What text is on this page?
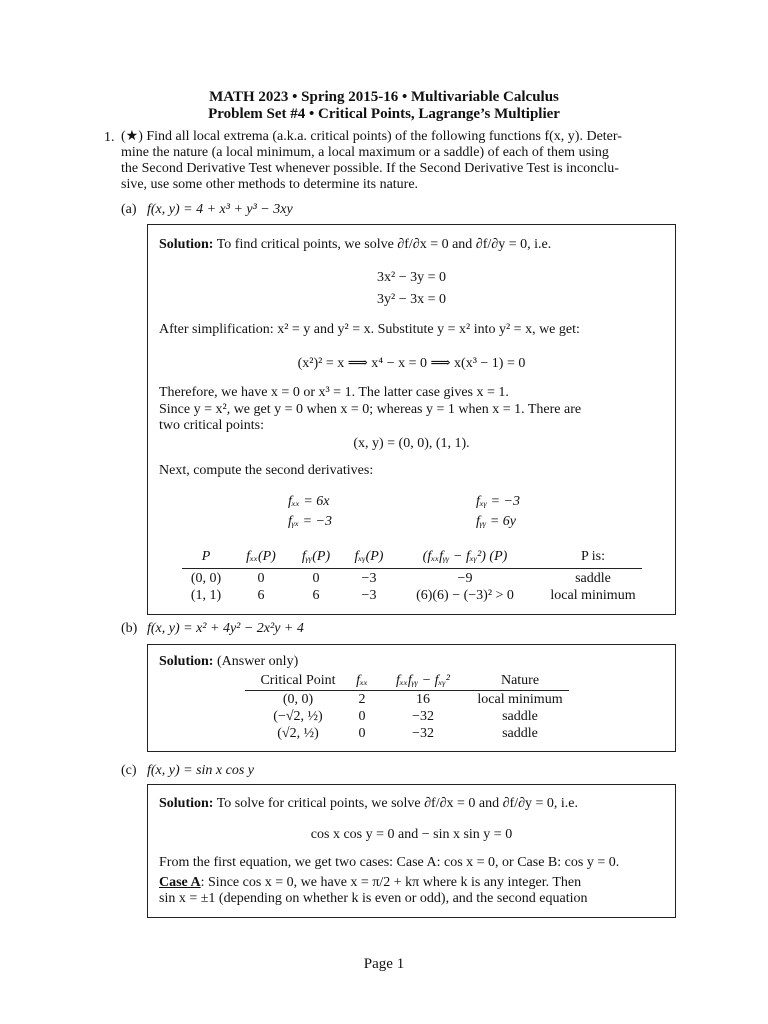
MATH 2023 • Spring 2015-16 • Multivariable Calculus
Problem Set #4 • Critical Points, Lagrange’s Multiplier
1. (★) Find all local extrema (a.k.a. critical points) of the following functions f(x, y). Deter-
mine the nature (a local minimum, a local maximum or a saddle) of each of them using
the Second Derivative Test whenever possible. If the Second Derivative Test is inconclu-
sive, use some other methods to determine its nature.
(a) f(x, y) = 4 + x³ + y³ − 3xy
Solution: To find critical points, we solve ∂f/∂x = 0 and ∂f/∂y = 0, i.e.
3x² − 3y = 0
3y² − 3x = 0
After simplification: x² = y and y² = x. Substitute y = x² into y² = x, we get:
(x²)² = x ⟹ x⁴ − x = 0 ⟹ x(x³ − 1) = 0
Therefore, we have x = 0 or x³ = 1. The latter case gives x = 1.
Since y = x², we get y = 0 when x = 0; whereas y = 1 when x = 1. There are
two critical points:
(x, y) = (0, 0), (1, 1).
Next, compute the second derivatives:
fₓₓ = 6x	fₓᵧ = −3
fᵧₓ = −3	fᵧᵧ = 6y
P	fₓₓ(P)	fᵧᵧ(P)	fₓᵧ(P)	(fₓₓfᵧᵧ − fₓᵧ²) (P)	P is:
(0, 0)	0	0	−3	−9	saddle
(1, 1)	6	6	−3	(6)(6) − (−3)² > 0	local minimum
(b) f(x, y) = x² + 4y² − 2x²y + 4
Solution: (Answer only)
Critical Point	fₓₓ	fₓₓfᵧᵧ − fₓᵧ²	Nature
(0, 0)	2	16	local minimum
(−√2, ½)	0	−32	saddle
(√2, ½)	0	−32	saddle
(c) f(x, y) = sin x cos y
Solution: To solve for critical points, we solve ∂f/∂x = 0 and ∂f/∂y = 0, i.e.
cos x cos y = 0 and − sin x sin y = 0
From the first equation, we get two cases: Case A: cos x = 0, or Case B: cos y = 0.
Case A: Since cos x = 0, we have x = π/2 + kπ where k is any integer. Then
sin x = ±1 (depending on whether k is even or odd), and the second equation
Page 1
